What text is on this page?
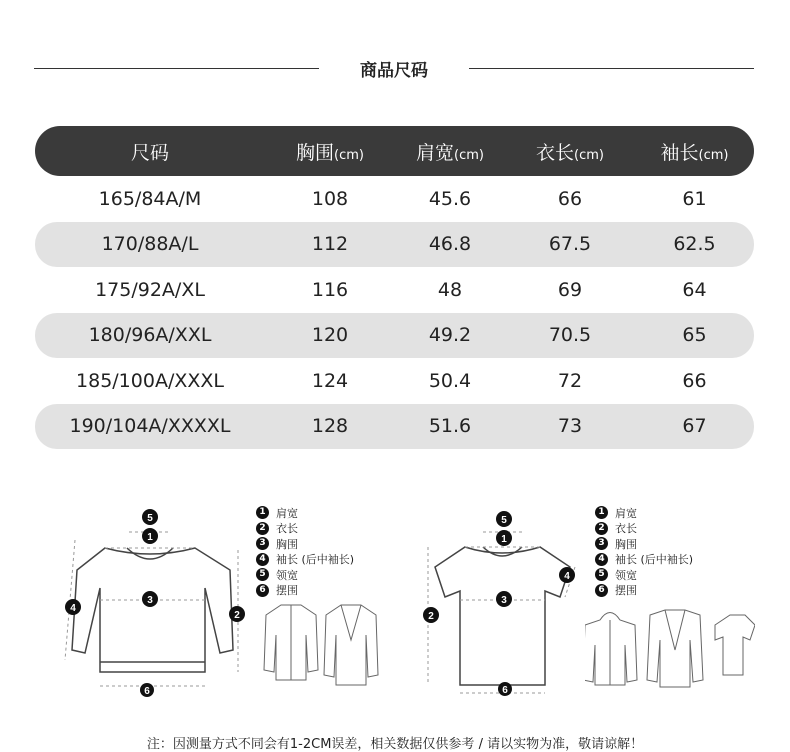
商品尺码
尺码	胸围(cm)	肩宽(cm)	衣长(cm)	袖长(cm)
165/84A/M	108	45.6	66	61
170/88A/L	112	46.8	67.5	62.5
175/92A/XL	116	48	69	64
180/96A/XXL	120	49.2	70.5	65
185/100A/XXXL	124	50.4	72	66
190/104A/XXXXL	128	51.6	73	67
5
1
3
2
4
6
1 肩宽
2 衣长
3 胸围
4 袖长 (后中袖长)
5 领宽
6 摆围
5
1
3
2
4
6
1 肩宽
2 衣长
3 胸围
4 袖长 (后中袖长)
5 领宽
6 摆围
注：因测量方式不同会有1-2CM误差，相关数据仅供参考 / 请以实物为准，敬请谅解！
